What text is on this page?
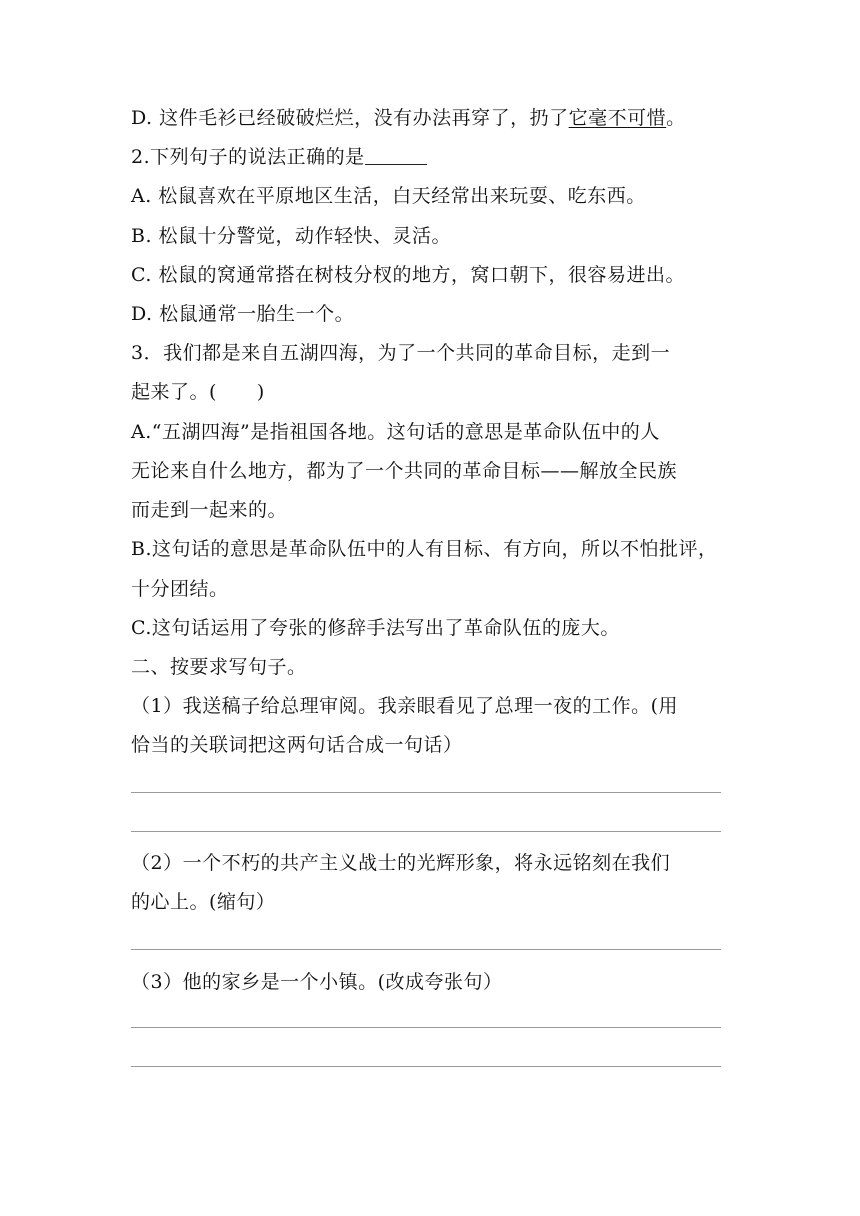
D. 这件毛衫已经破破烂烂，没有办法再穿了，扔了它毫不可惜。
2.下列句子的说法正确的是
A. 松鼠喜欢在平原地区生活，白天经常出来玩耍、吃东西。
B. 松鼠十分警觉，动作轻快、灵活。
C. 松鼠的窝通常搭在树枝分杈的地方，窝口朝下，很容易进出。
D. 松鼠通常一胎生一个。
3．我们都是来自五湖四海，为了一个共同的革命目标，走到一
起来了。( )
A.“五湖四海”是指祖国各地。这句话的意思是革命队伍中的人
无论来自什么地方，都为了一个共同的革命目标——解放全民族
而走到一起来的。
B.这句话的意思是革命队伍中的人有目标、有方向，所以不怕批评，
十分团结。
C.这句话运用了夸张的修辞手法写出了革命队伍的庞大。
二、按要求写句子。
（1）我送稿子给总理审阅。我亲眼看见了总理一夜的工作。(用
恰当的关联词把这两句话合成一句话）
（2）一个不朽的共产主义战士的光辉形象，将永远铭刻在我们
的心上。(缩句）
（3）他的家乡是一个小镇。(改成夸张句）
